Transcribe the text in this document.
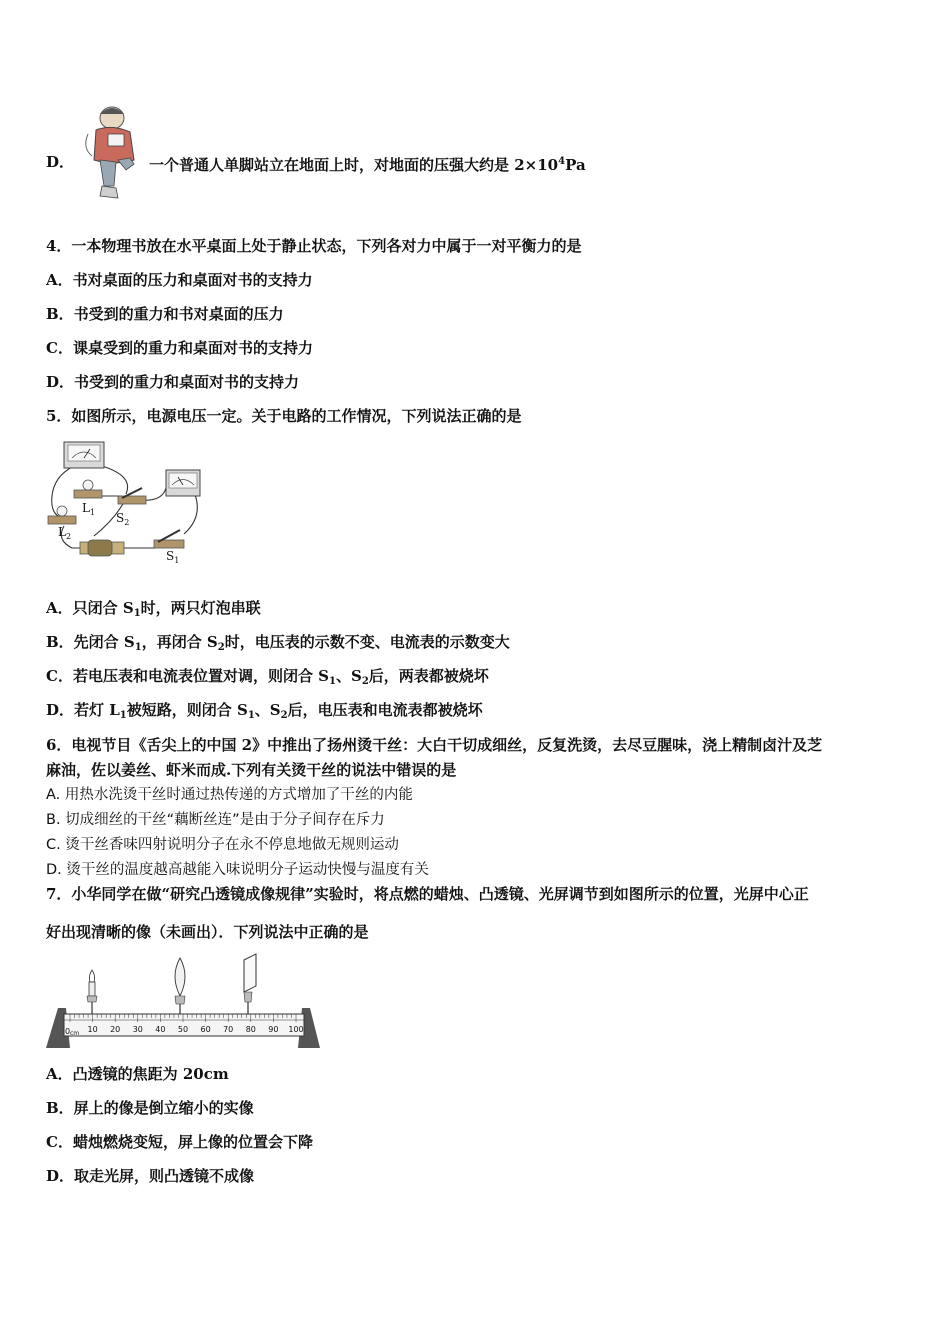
D．	一个普通人单脚站立在地面上时，对地面的压强大约是 $2\times 10^4Pa$
4．一本物理书放在水平桌面上处于静止状态，下列各对力中属于一对平衡力的是
A．书对桌面的压力和桌面对书的支持力
B．书受到的重力和书对桌面的压力
C．课桌受到的重力和桌面对书的支持力
D．书受到的重力和桌面对书的支持力
5．如图所示，电源电压一定。关于电路的工作情况，下列说法正确的是
$L_1$
$L_2$
$S_2$
$S_1$
A．只闭合 $S_1$时，两只灯泡串联
B．先闭合 $S_1$，再闭合 $S_2$时，电压表的示数不变、电流表的示数变大
C．若电压表和电流表位置对调，则闭合 $S_1$、$S_2$后，两表都被烧坏
D．若灯 $L_1$被短路，则闭合 $S_1$、$S_2$后，电压表和电流表都被烧坏
6．电视节目《舌尖上的中国 2》中推出了扬州烫干丝：大白干切成细丝，反复洗烫，去尽豆腥味，浇上精制卤汁及芝
麻油，佐以姜丝、虾米而成.下列有关烫干丝的说法中错误的是
A. 用热水洗烫干丝时通过热传递的方式增加了干丝的内能
B. 切成细丝的干丝“藕断丝连”是由于分子间存在斥力
C. 烫干丝香味四射说明分子在永不停息地做无规则运动
D. 烫干丝的温度越高越能入味说明分子运动快慢与温度有关
7．小华同学在做“研究凸透镜成像规律”实验时，将点燃的蜡烛、凸透镜、光屏调节到如图所示的位置，光屏中心正
好出现清晰的像（未画出）．下列说法中正确的是
0 cm 10 20 30 40 50 60 70 80 90 100
A．凸透镜的焦距为 20cm
B．屏上的像是倒立缩小的实像
C．蜡烛燃烧变短，屏上像的位置会下降
D．取走光屏，则凸透镜不成像
